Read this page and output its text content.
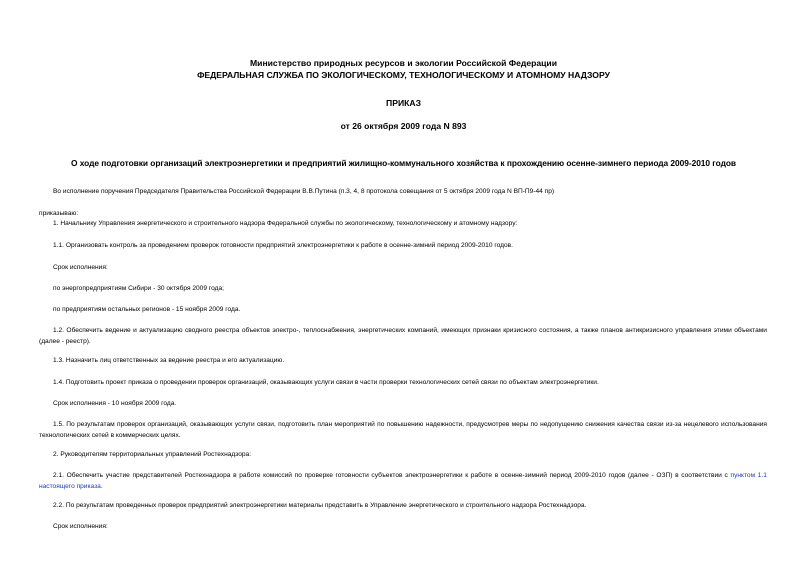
Министерство природных ресурсов и экологии Российской Федерации
ФЕДЕРАЛЬНАЯ СЛУЖБА ПО ЭКОЛОГИЧЕСКОМУ, ТЕХНОЛОГИЧЕСКОМУ И АТОМНОМУ НАДЗОРУ
ПРИКАЗ
от 26 октября 2009 года N 893
О ходе подготовки организаций электроэнергетики и предприятий жилищно-коммунального хозяйства к прохождению осенне-зимнего периода 2009-2010 годов
Во исполнение поручения Председателя Правительства Российской Федерации В.В.Путина (п.3, 4, 8 протокола совещания от 5 октября 2009 года N ВП-П9-44 пр)
приказываю:
1. Начальнику Управления энергетического и строительного надзора Федеральной службы по экологическому, технологическому и атомному надзору:
1.1. Организовать контроль за проведением проверок готовности предприятий электроэнергетики к работе в осенне-зимний период 2009-2010 годов.
Срок исполнения:
по энергопредприятиям Сибири - 30 октября 2009 года;
по предприятиям остальных регионов - 15 ноября 2009 года.
1.2. Обеспечить ведение и актуализацию сводного реестра объектов электро-, теплоснабжения, энергетических компаний, имеющих признаки кризисного состояния, а также планов антикризисного управления этими объектами (далее - реестр).
1.3. Назначить лиц ответственных за ведение реестра и его актуализацию.
1.4. Подготовить проект приказа о проведении проверок организаций, оказывающих услуги связи в части проверки технологических сетей связи по объектам электроэнергетики.
Срок исполнения - 10 ноября 2009 года.
1.5. По результатам проверок организаций, оказывающих услуги связи, подготовить план мероприятий по повышению надежности, предусмотрев меры по недопущению снижения качества связи из-за нецелевого использования технологических сетей в коммерческих целях.
2. Руководителям территориальных управлений Ростехнадзора:
2.1. Обеспечить участие представителей Ростехнадзора в работе комиссий по проверке готовности субъектов электроэнергетики к работе в осенне-зимний период 2009-2010 годов (далее - ОЗП) в соответствии с пунктом 1.1 настоящего приказа.
2.2. По результатам проведенных проверок предприятий электроэнергетики материалы представить в Управление энергетического и строительного надзора Ростехнадзора.
Срок исполнения:
